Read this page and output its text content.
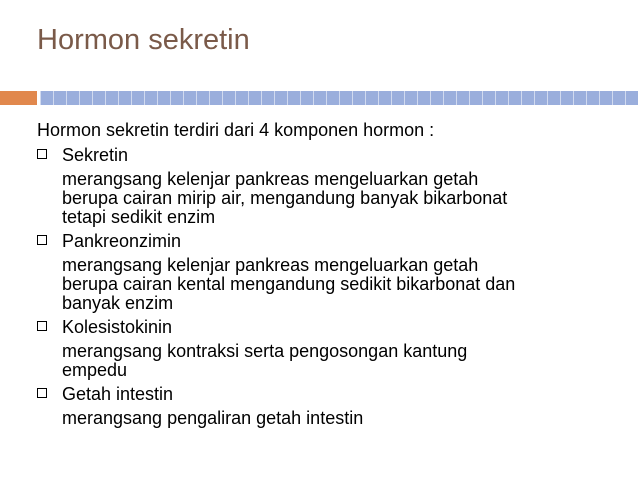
Hormon sekretin
Hormon sekretin terdiri dari 4 komponen hormon :
Sekretin
merangsang kelenjar pankreas mengeluarkan getah
berupa cairan mirip air, mengandung banyak bikarbonat
tetapi sedikit enzim
Pankreonzimin
merangsang kelenjar pankreas mengeluarkan getah
berupa cairan kental mengandung sedikit bikarbonat dan
banyak enzim
Kolesistokinin
merangsang kontraksi serta pengosongan kantung
empedu
Getah intestin
merangsang pengaliran getah intestin
